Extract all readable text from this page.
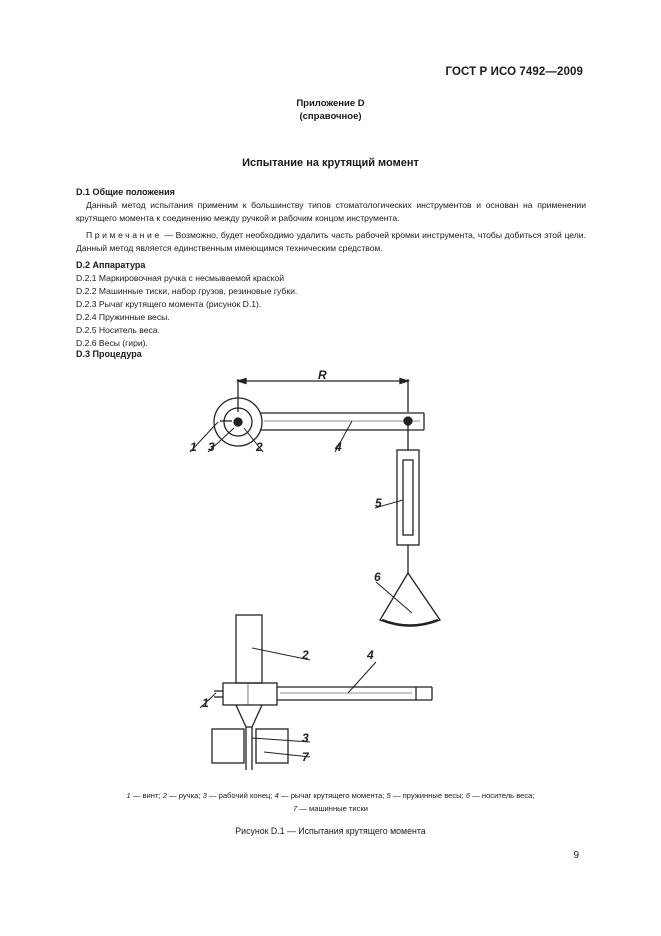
ГОСТ Р ИСО 7492—2009
Приложение D
(справочное)
Испытание на крутящий момент
D.1 Общие положения
Данный метод испытания применим к большинству типов стоматологических инструментов и основан на применении крутящего момента к соединению между ручкой и рабочим концом инструмента.
Примечание — Возможно, будет необходимо удалить часть рабочей кромки инструмента, чтобы добиться этой цели. Данный метод является единственным имеющимся техническим средством.
D.2 Аппаратура
D.2.1 Маркировочная ручка с несмываемой краской
D.2.2 Машинные тиски, набор грузов, резиновые губки.
D.2.3 Рычаг крутящего момента (рисунок D.1).
D.2.4 Пружинные весы.
D.2.5 Носитель веса.
D.2.6 Весы (гири).
D.3 Процедура
R
1 3	2	4
5
6
2	4
1
3
7
1 — винт; 2 — ручка; 3 — рабочий конец; 4 — рычаг крутящего момента; 5 — пружинные весы; 6 — носитель веса;
7 — машинные тиски
Рисунок D.1 — Испытания крутящего момента
9
